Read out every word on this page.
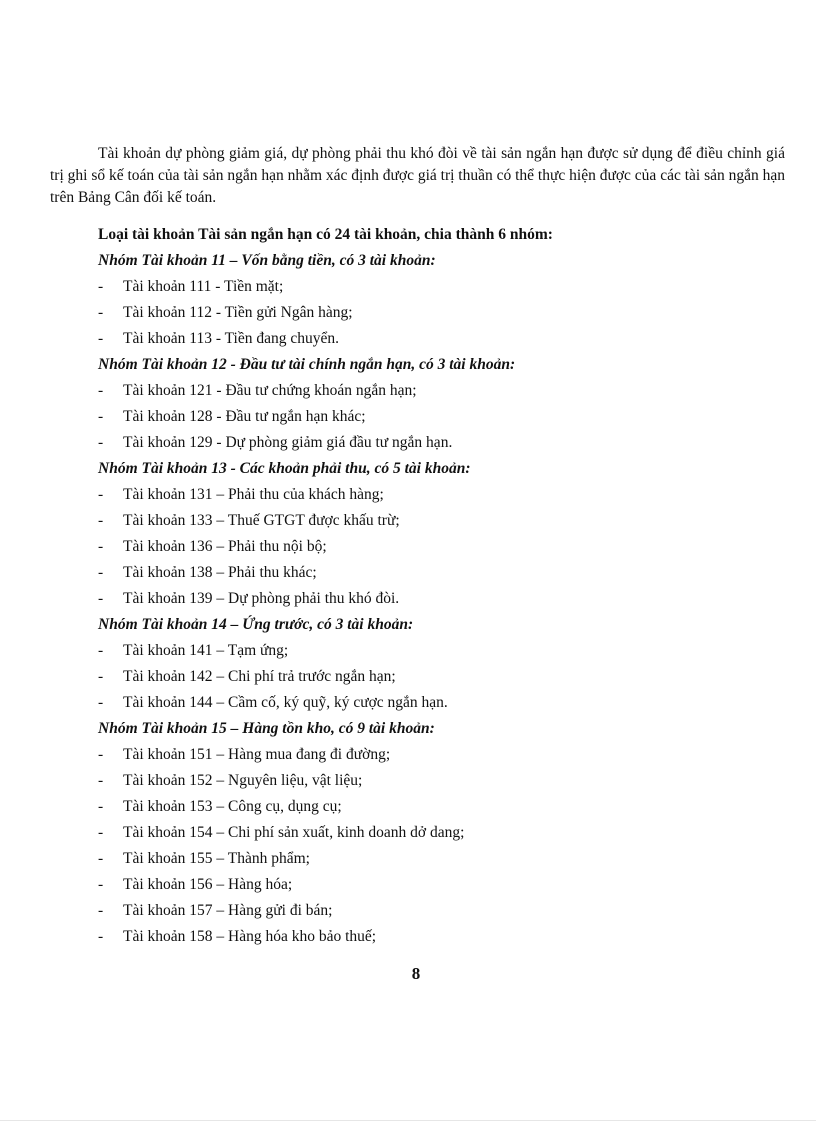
Tài khoản dự phòng giảm giá, dự phòng phải thu khó đòi về tài sản ngắn hạn được sử dụng để điều chỉnh giá trị ghi sổ kế toán của tài sản ngắn hạn nhằm xác định được giá trị thuần có thể thực hiện được của các tài sản ngắn hạn trên Bảng Cân đối kế toán.

Loại tài khoản Tài sản ngắn hạn có 24 tài khoản, chia thành 6 nhóm:

Nhóm Tài khoản 11 – Vốn bằng tiền, có 3 tài khoản:

- Tài khoản 111 - Tiền mặt;
- Tài khoản 112 - Tiền gửi Ngân hàng;
- Tài khoản 113 - Tiền đang chuyển.

Nhóm Tài khoản 12 - Đầu tư tài chính ngắn hạn, có 3 tài khoản:

- Tài khoản 121 - Đầu tư chứng khoán ngắn hạn;
- Tài khoản 128 - Đầu tư ngắn hạn khác;
- Tài khoản 129 - Dự phòng giảm giá đầu tư ngắn hạn.

Nhóm Tài khoản 13 - Các khoản phải thu, có 5 tài khoản:

- Tài khoản 131 – Phải thu của khách hàng;
- Tài khoản 133 – Thuế GTGT được khấu trừ;
- Tài khoản 136 – Phải thu nội bộ;
- Tài khoản 138 – Phải thu khác;
- Tài khoản 139 – Dự phòng phải thu khó đòi.

Nhóm Tài khoản 14 – Ứng trước, có 3 tài khoản:

- Tài khoản 141 – Tạm ứng;
- Tài khoản 142 – Chi phí trả trước ngắn hạn;
- Tài khoản 144 – Cầm cố, ký quỹ, ký cược ngắn hạn.

Nhóm Tài khoản 15 – Hàng tồn kho, có 9 tài khoản:

- Tài khoản 151 – Hàng mua đang đi đường;
- Tài khoản 152 – Nguyên liệu, vật liệu;
- Tài khoản 153 – Công cụ, dụng cụ;
- Tài khoản 154 – Chi phí sản xuất, kinh doanh dở dang;
- Tài khoản 155 – Thành phẩm;
- Tài khoản 156 – Hàng hóa;
- Tài khoản 157 – Hàng gửi đi bán;
- Tài khoản 158 – Hàng hóa kho bảo thuế;
8
